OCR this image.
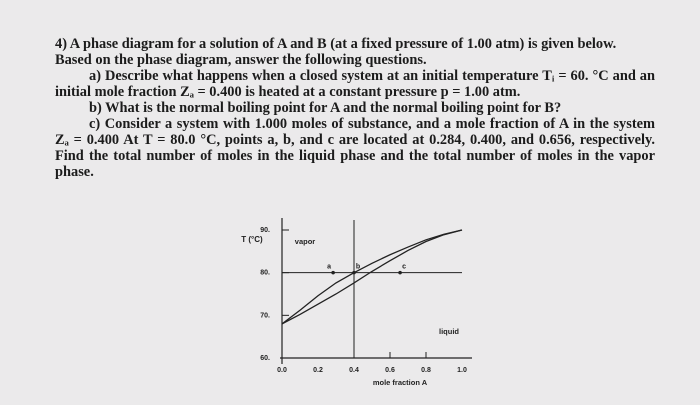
4) A phase diagram for a solution of A and B (at a fixed pressure of 1.00 atm) is given below. Based on the phase diagram, answer the following questions.

a) Describe what happens when a closed system at an initial temperature Tᵢ = 60. °C and an initial mole fraction Zₐ = 0.400 is heated at a constant pressure p = 1.00 atm.

b) What is the normal boiling point for A and the normal boiling point for B?

c) Consider a system with 1.000 moles of substance, and a mole fraction of A in the system Zₐ = 0.400 At T = 80.0 °C, points a, b, and c are located at 0.284, 0.400, and 0.656, respectively. Find the total number of moles in the liquid phase and the total number of moles in the vapor phase.

90.
80.
70.
60.
0.0	0.2	0.4	0.6	0.8	1.0
a	b	c
vapor
liquid
T (°C)
mole fraction A
